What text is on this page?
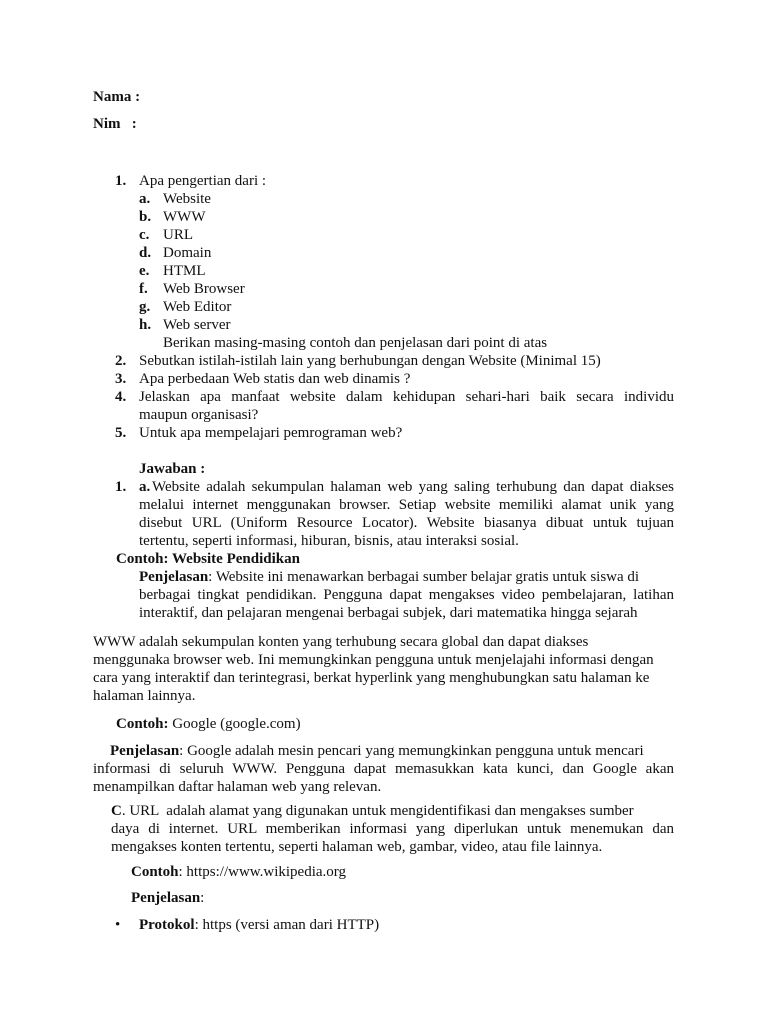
Nama :
Nim   :
1. Apa pengertian dari :
a. Website
b. WWW
c. URL
d. Domain
e. HTML
f. Web Browser
g. Web Editor
h. Web server
Berikan masing-masing contoh dan penjelasan dari point di atas
2. Sebutkan istilah-istilah lain yang berhubungan dengan Website (Minimal 15)
3. Apa perbedaan Web statis dan web dinamis ?
4. Jelaskan apa manfaat website dalam kehidupan sehari-hari baik secara individu
maupun organisasi?
5. Untuk apa mempelajari pemrograman web?
Jawaban :
1. a. Website adalah sekumpulan halaman web yang saling terhubung dan dapat diakses
melalui internet menggunakan browser. Setiap website memiliki alamat unik yang
disebut URL (Uniform Resource Locator). Website biasanya dibuat untuk tujuan
tertentu, seperti informasi, hiburan, bisnis, atau interaksi sosial.
Contoh: Website Pendidikan
Penjelasan: Website ini menawarkan berbagai sumber belajar gratis untuk siswa di
berbagai tingkat pendidikan. Pengguna dapat mengakses video pembelajaran, latihan
interaktif, dan pelajaran mengenai berbagai subjek, dari matematika hingga sejarah
WWW adalah sekumpulan konten yang terhubung secara global dan dapat diakses
menggunaka browser web. Ini memungkinkan pengguna untuk menjelajahi informasi dengan
cara yang interaktif dan terintegrasi, berkat hyperlink yang menghubungkan satu halaman ke
halaman lainnya.
Contoh: Google (google.com)
Penjelasan: Google adalah mesin pencari yang memungkinkan pengguna untuk mencari
informasi di seluruh WWW. Pengguna dapat memasukkan kata kunci, dan Google akan
menampilkan daftar halaman web yang relevan.
C. URL  adalah alamat yang digunakan untuk mengidentifikasi dan mengakses sumber
daya di internet. URL memberikan informasi yang diperlukan untuk menemukan dan
mengakses konten tertentu, seperti halaman web, gambar, video, atau file lainnya.
Contoh: https://www.wikipedia.org
Penjelasan:
• Protokol: https (versi aman dari HTTP)
